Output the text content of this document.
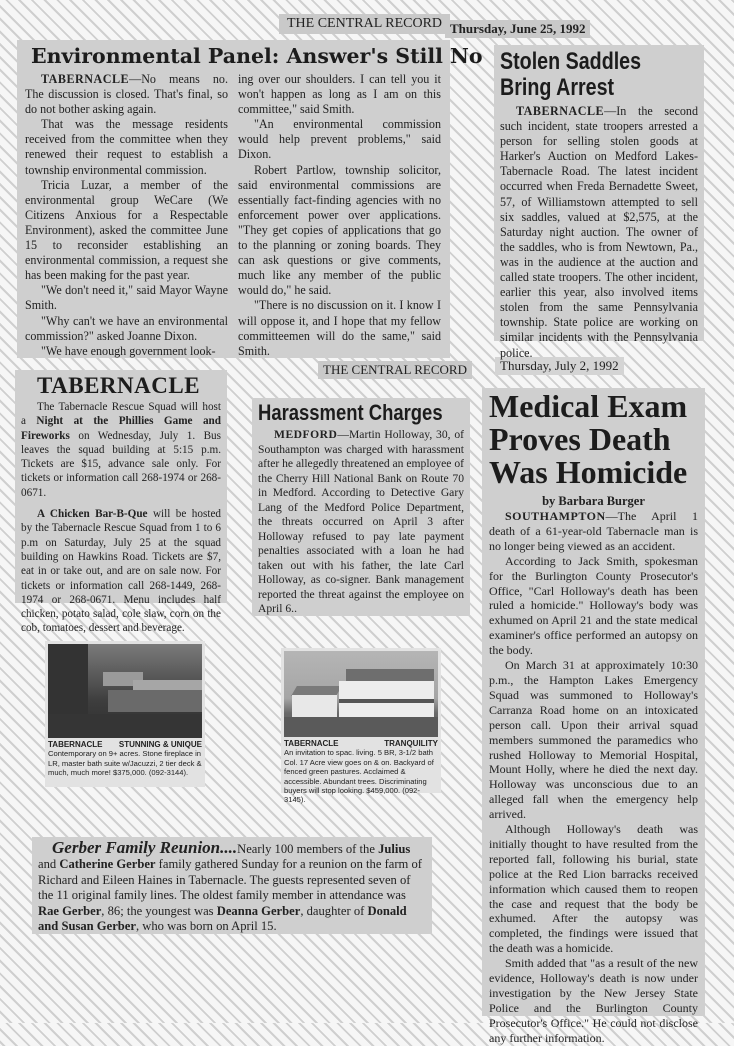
THE CENTRAL RECORD Thursday, June 25, 1992
THE CENTRAL RECORD	Thursday, July 2, 1992
Environmental Panel: Answer's Still No

TABERNACLE—No means no. The discussion is closed. That's final, so do not bother asking again.

That was the message residents received from the committee when they renewed their request to establish a township environmental commission.

Tricia Luzar, a member of the environmental group WeCare (We Citizens Anxious for a Respectable Environment), asked the committee June 15 to reconsider establishing an environmental commission, a request she has been making for the past year.

"We don't need it," said Mayor Wayne Smith.

"Why can't we have an environmental commission?" asked Joanne Dixon.

"We have enough government look-

ing over our shoulders. I can tell you it won't happen as long as I am on this committee," said Smith.

"An environmental commission would help prevent problems," said Dixon.

Robert Partlow, township solicitor, said environmental commissions are essentially fact-finding agencies with no enforcement power over applications. "They get copies of applications that go to the planning or zoning boards. They can ask questions or give comments, much like any member of the public would do," he said.

"There is no discussion on it. I know I will oppose it, and I hope that my fellow committeemen will do the same," said Smith.

Stolen Saddles
Bring Arrest

TABERNACLE—In the second such incident, state troopers arrested a person for selling stolen goods at Harker's Auction on Medford Lakes-Tabernacle Road. The latest incident occurred when Freda Bernadette Sweet, 57, of Williamstown attempted to sell six saddles, valued at $2,575, at the Saturday night auction. The owner of the saddles, who is from Newtown, Pa., was in the audience at the auction and called state troopers. The other incident, earlier this year, also involved items stolen from the same Pennsylvania township. State police are working on similar incidents with the Pennsylvania police.

TABERNACLE

The Tabernacle Rescue Squad will host a Night at the Phillies Game and Fireworks on Wednesday, July 1. Bus leaves the squad building at 5:15 p.m. Tickets are $15, advance sale only. For tickets or information call 268-1974 or 268-0671.

A Chicken Bar-B-Que will be hosted by the Tabernacle Rescue Squad from 1 to 6 p.m on Saturday, July 25 at the squad building on Hawkins Road. Tickets are $7, eat in or take out, and are on sale now. For tickets or information call 268-1449, 268-1974 or 268-0671. Menu includes half chicken, potato salad, cole slaw, corn on the cob, tomatoes, dessert and beverage.

Harassment Charges

MEDFORD—Martin Holloway, 30, of Southampton was charged with harassment after he allegedly threatened an employee of the Cherry Hill National Bank on Route 70 in Medford. According to Detective Gary Lang of the Medford Police Department, the threats occurred on April 3 after Holloway refused to pay late payment penalties associated with a loan he had taken out with his father, the late Carl Holloway, as co-signer. Bank management reported the threat against the employee on April 6..

Medical Exam
Proves Death
Was Homicide
by Barbara Burger

SOUTHAMPTON—The April 1 death of a 61-year-old Tabernacle man is no longer being viewed as an accident.

According to Jack Smith, spokesman for the Burlington County Prosecutor's Office, "Carl Holloway's death has been ruled a homicide." Holloway's body was exhumed on April 21 and the state medical examiner's office performed an autopsy on the body.

On March 31 at approximately 10:30 p.m., the Hampton Lakes Emergency Squad was summoned to Holloway's Carranza Road home on an intoxicated person call. Upon their arrival squad members summoned the paramedics who rushed Holloway to Memorial Hospital, Mount Holly, where he died the next day. Holloway was unconscious due to an alleged fall when the emergency help arrived.

Although Holloway's death was initially thought to have resulted from the reported fall, following his burial, state police at the Red Lion barracks received information which caused them to reopen the case and request that the body be exhumed. After the autopsy was completed, the findings were issued that the death was a homicide.

Smith added that "as a result of the new evidence, Holloway's death is now under investigation by the New Jersey State Police and the Burlington County Prosecutor's Office." He could not disclose any further information.

TABERNACLE STUNNING & UNIQUE
Contemporary on 9+ acres. Stone fireplace in LR, master bath suite w/Jacuzzi, 2 tier deck & much, much more! $375,000. (092-3144).
TABERNACLE	TRANQUILITY
An invitation to spac. living. 5 BR, 3-1/2 bath Col. 17 Acre view goes on & on. Backyard of fenced green pastures. Acclaimed & accessible. Abundant trees. Discriminating buyers will stop looking. $459,000. (092-3145).

Gerber Family Reunion....Nearly 100 members of the Julius and Catherine Gerber family gathered Sunday for a reunion on the farm of Richard and Eileen Haines in Tabernacle. The guests represented seven of the 11 original family lines. The oldest family member in attendance was Rae Gerber, 86; the youngest was Deanna Gerber, daughter of Donald and Susan Gerber, who was born on April 15.
